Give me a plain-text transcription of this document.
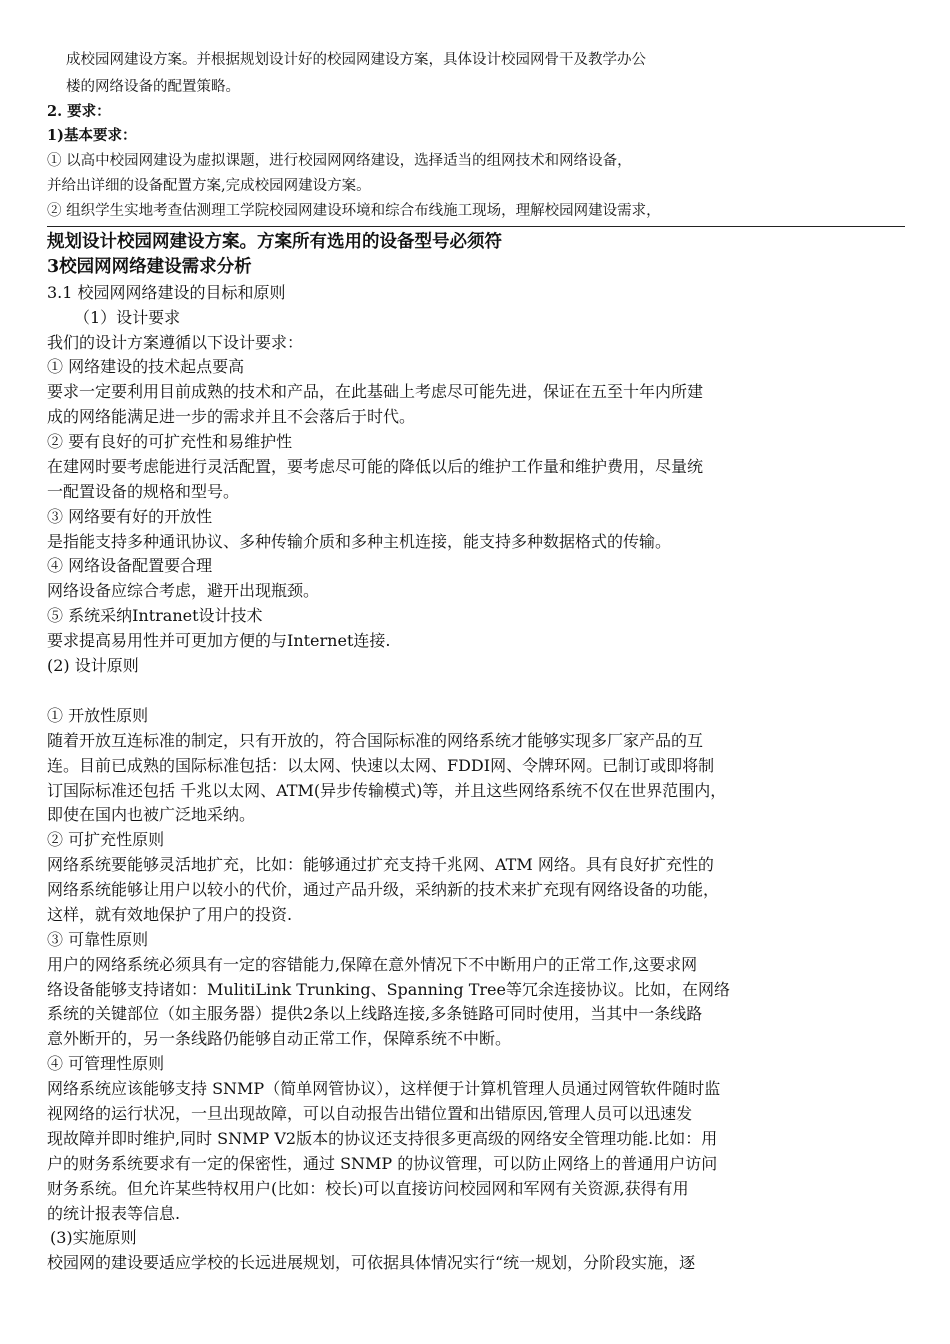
成校园网建设方案。并根据规划设计好的校园网建设方案，具体设计校园网骨干及教学办公
楼的网络设备的配置策略。
2. 要求：
1)基本要求：
① 以高中校园网建设为虚拟课题，进行校园网网络建设，选择适当的组网技术和网络设备，
并给出详细的设备配置方案,完成校园网建设方案。
② 组织学生实地考查估测理工学院校园网建设环境和综合布线施工现场，理解校园网建设需求，
规划设计校园网建设方案。方案所有选用的设备型号必须符
3校园网网络建设需求分析
3.1 校园网网络建设的目标和原则
（1）设计要求
我们的设计方案遵循以下设计要求：
① 网络建设的技术起点要高
要求一定要利用目前成熟的技术和产品，在此基础上考虑尽可能先进，保证在五至十年内所建
成的网络能满足进一步的需求并且不会落后于时代。
② 要有良好的可扩充性和易维护性
在建网时要考虑能进行灵活配置，要考虑尽可能的降低以后的维护工作量和维护费用，尽量统
一配置设备的规格和型号。
③ 网络要有好的开放性
是指能支持多种通讯协议、多种传输介质和多种主机连接，能支持多种数据格式的传输。
④ 网络设备配置要合理
网络设备应综合考虑，避开出现瓶颈。
⑤ 系统采纳Intranet设计技术
要求提高易用性并可更加方便的与Internet连接.
(2) 设计原则
① 开放性原则
随着开放互连标准的制定，只有开放的，符合国际标准的网络系统才能够实现多厂家产品的互
连。目前已成熟的国际标准包括：以太网、快速以太网、FDDI网、令牌环网。已制订或即将制
订国际标准还包括 千兆以太网、ATM(异步传输模式)等，并且这些网络系统不仅在世界范围内，
即使在国内也被广泛地采纳。
② 可扩充性原则
网络系统要能够灵活地扩充，比如：能够通过扩充支持千兆网、ATM 网络。具有良好扩充性的
网络系统能够让用户以较小的代价，通过产品升级，采纳新的技术来扩充现有网络设备的功能，
这样，就有效地保护了用户的投资.
③ 可靠性原则
用户的网络系统必须具有一定的容错能力,保障在意外情况下不中断用户的正常工作,这要求网
络设备能够支持诸如：MulitiLink Trunking、Spanning Tree等冗余连接协议。比如，在网络
系统的关键部位（如主服务器）提供2条以上线路连接,多条链路可同时使用，当其中一条线路
意外断开的，另一条线路仍能够自动正常工作，保障系统不中断。
④ 可管理性原则
网络系统应该能够支持 SNMP（简单网管协议），这样便于计算机管理人员通过网管软件随时监
视网络的运行状况，一旦出现故障，可以自动报告出错位置和出错原因,管理人员可以迅速发
现故障并即时维护,同时 SNMP V2版本的协议还支持很多更高级的网络安全管理功能.比如：用
户的财务系统要求有一定的保密性，通过 SNMP 的协议管理，可以防止网络上的普通用户访问
财务系统。但允许某些特权用户(比如：校长)可以直接访问校园网和军网有关资源,获得有用
的统计报表等信息.
(3)实施原则
校园网的建设要适应学校的长远进展规划，可依据具体情况实行“统一规划，分阶段实施，逐
